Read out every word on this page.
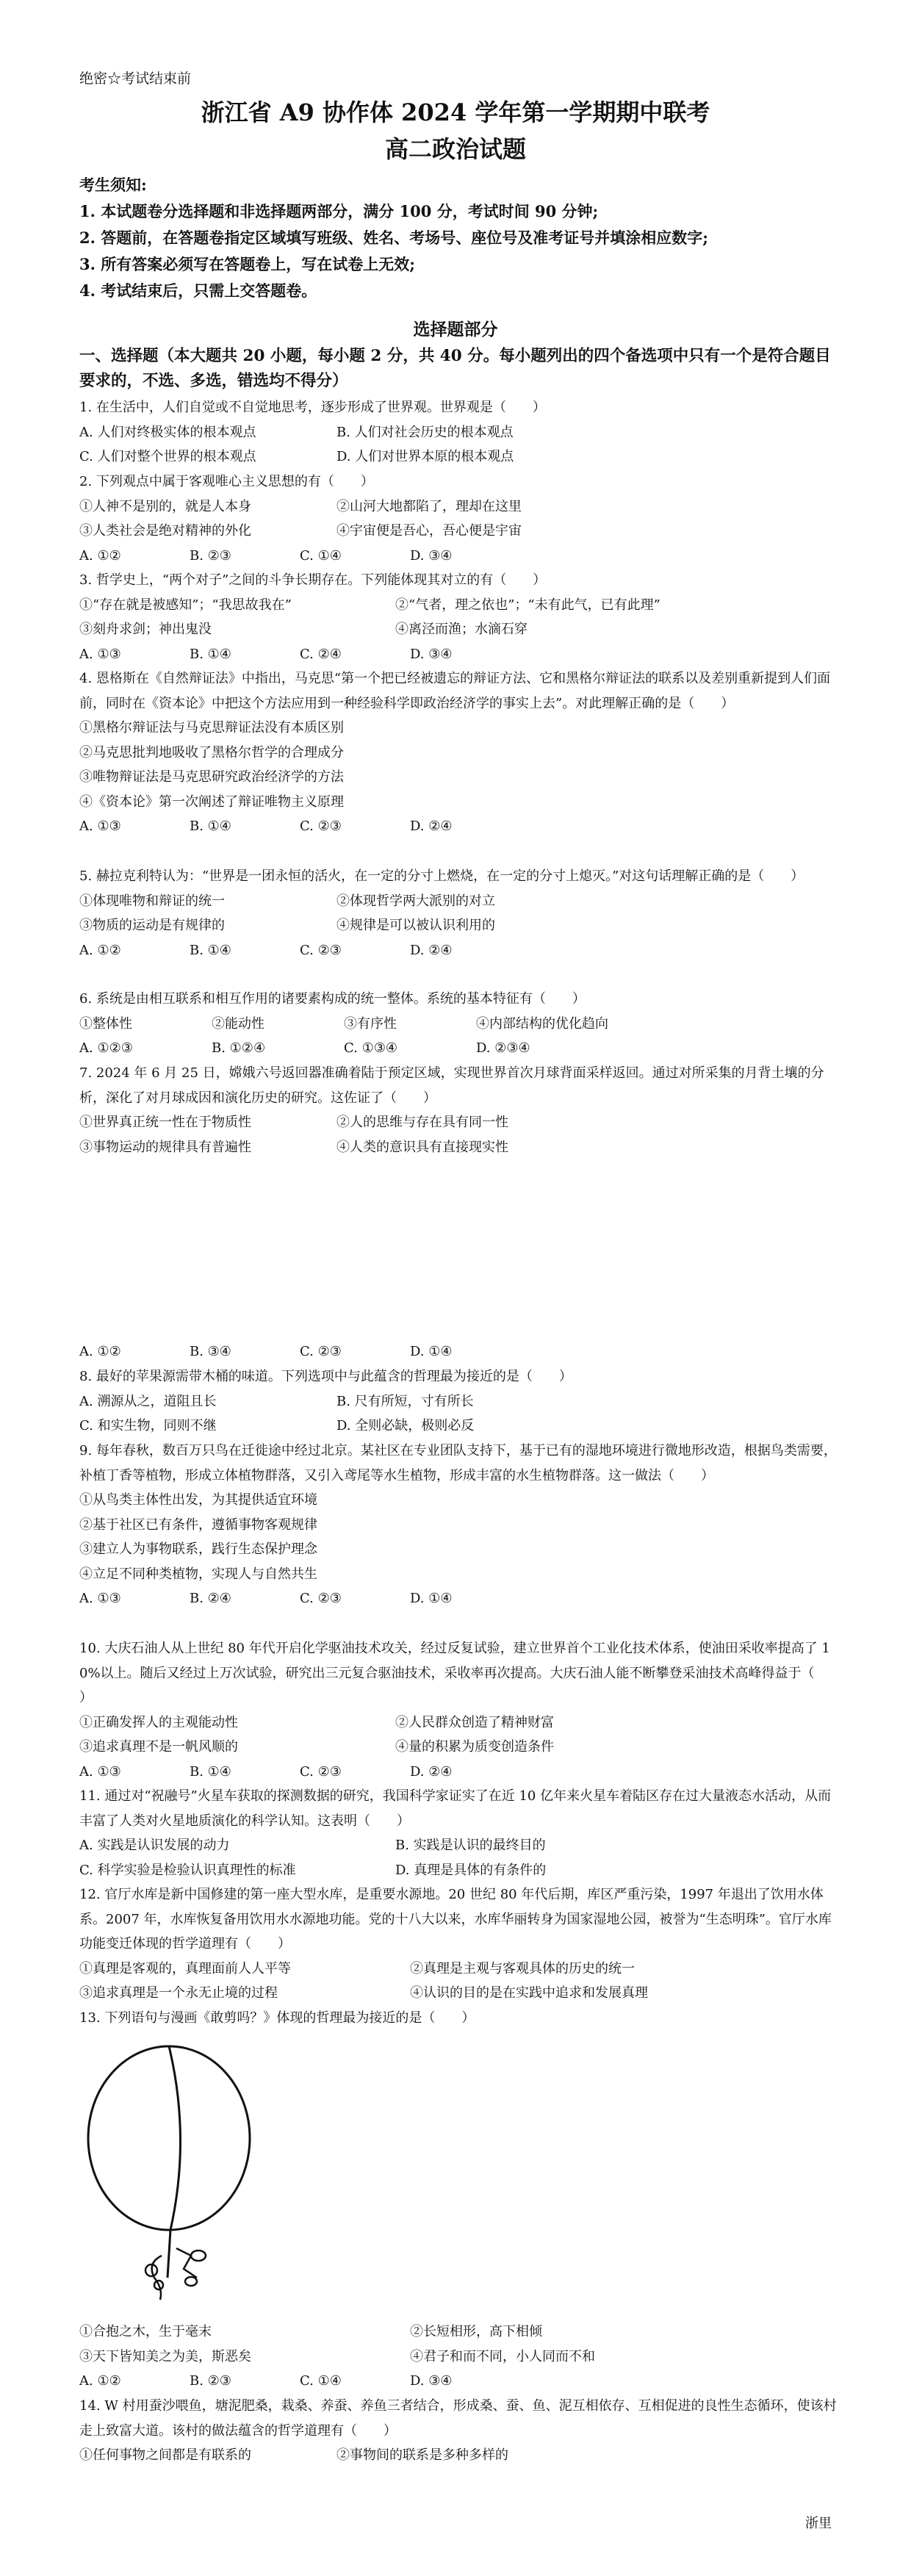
绝密☆考试结束前
浙江省 A9 协作体 2024 学年第一学期期中联考
高二政治试题
考生须知:
1. 本试题卷分选择题和非选择题两部分，满分 100 分，考试时间 90 分钟;
2. 答题前，在答题卷指定区域填写班级、姓名、考场号、座位号及准考证号并填涂相应数字;
3. 所有答案必须写在答题卷上，写在试卷上无效;
4. 考试结束后，只需上交答题卷。
选择题部分
一、选择题（本大题共 20 小题，每小题 2 分，共 40 分。每小题列出的四个备选项中只有一个是符合题目要求的，不选、多选，错选均不得分）
1. 在生活中，人们自觉或不自觉地思考，逐步形成了世界观。世界观是（　　）
A. 人们对终极实体的根本观点	B. 人们对社会历史的根本观点
C. 人们对整个世界的根本观点	D. 人们对世界本原的根本观点
2. 下列观点中属于客观唯心主义思想的有（　　）
①人神不是别的，就是人本身	②山河大地都陷了，理却在这里
③人类社会是绝对精神的外化	④宇宙便是吾心，吾心便是宇宙
A. ①②	B. ②③	C. ①④	D. ③④
3. 哲学史上，“两个对子”之间的斗争长期存在。下列能体现其对立的有（　　）
①“存在就是被感知”；“我思故我在”	②“气者，理之依也”；“未有此气，已有此理”
③刻舟求剑；神出鬼没	④离泾而渔；水滴石穿
A. ①③	B. ①④	C. ②④	D. ③④
4. 恩格斯在《自然辩证法》中指出，马克思“第一个把已经被遗忘的辩证方法、它和黑格尔辩证法的联系以及差别重新提到人们面前，同时在《资本论》中把这个方法应用到一种经验科学即政治经济学的事实上去”。对此理解正确的是（　　）
①黑格尔辩证法与马克思辩证法没有本质区别
②马克思批判地吸收了黑格尔哲学的合理成分
③唯物辩证法是马克思研究政治经济学的方法
④《资本论》第一次阐述了辩证唯物主义原理
A. ①③	B. ①④	C. ②③	D. ②④
5. 赫拉克利特认为：“世界是一团永恒的活火，在一定的分寸上燃烧，在一定的分寸上熄灭。”对这句话理解正确的是（　　）
①体现唯物和辩证的统一	②体现哲学两大派别的对立
③物质的运动是有规律的	④规律是可以被认识利用的
A. ①②	B. ①④	C. ②③	D. ②④
6. 系统是由相互联系和相互作用的诸要素构成的统一整体。系统的基本特征有（　　）
①整体性	②能动性	③有序性	④内部结构的优化趋向
A. ①②③	B. ①②④	C. ①③④	D. ②③④
7. 2024 年 6 月 25 日，嫦娥六号返回器准确着陆于预定区域，实现世界首次月球背面采样返回。通过对所采集的月背土壤的分析，深化了对月球成因和演化历史的研究。这佐证了（　　）
①世界真正统一性在于物质性	②人的思维与存在具有同一性
③事物运动的规律具有普遍性	④人类的意识具有直接现实性
A. ①②	B. ③④	C. ②③	D. ①④
8. 最好的苹果源需带木桶的味道。下列选项中与此蕴含的哲理最为接近的是（　　）
A. 溯源从之，道阻且长	B. 尺有所短，寸有所长
C. 和实生物，同则不继	D. 全则必缺，极则必反
9. 每年春秋，数百万只鸟在迁徙途中经过北京。某社区在专业团队支持下，基于已有的湿地环境进行微地形改造，根据鸟类需要，补植丁香等植物，形成立体植物群落，又引入鸢尾等水生植物，形成丰富的水生植物群落。这一做法（　　）
①从鸟类主体性出发，为其提供适宜环境
②基于社区已有条件，遵循事物客观规律
③建立人为事物联系，践行生态保护理念
④立足不同种类植物，实现人与自然共生
A. ①③	B. ②④	C. ②③	D. ①④
10. 大庆石油人从上世纪 80 年代开启化学驱油技术攻关，经过反复试验，建立世界首个工业化技术体系，使油田采收率提高了 10%以上。随后又经过上万次试验，研究出三元复合驱油技术，采收率再次提高。大庆石油人能不断攀登采油技术高峰得益于（　　）
①正确发挥人的主观能动性	②人民群众创造了精神财富
③追求真理不是一帆风顺的	④量的积累为质变创造条件
A. ①③	B. ①④	C. ②③	D. ②④
11. 通过对“祝融号”火星车获取的探测数据的研究，我国科学家证实了在近 10 亿年来火星车着陆区存在过大量液态水活动，从而丰富了人类对火星地质演化的科学认知。这表明（　　）
A. 实践是认识发展的动力	B. 实践是认识的最终目的
C. 科学实验是检验认识真理性的标准	D. 真理是具体的有条件的
12. 官厅水库是新中国修建的第一座大型水库，是重要水源地。20 世纪 80 年代后期，库区严重污染，1997 年退出了饮用水体系。2007 年，水库恢复备用饮用水水源地功能。党的十八大以来，水库华丽转身为国家湿地公园，被誉为“生态明珠”。官厅水库功能变迁体现的哲学道理有（　　）
①真理是客观的，真理面前人人平等	②真理是主观与客观具体的历史的统一
③追求真理是一个永无止境的过程	④认识的目的是在实践中追求和发展真理
13. 下列语句与漫画《敢剪吗？》体现的哲理最为接近的是（　　）
①合抱之木，生于毫末	②长短相形，高下相倾
③天下皆知美之为美，斯恶矣	④君子和而不同，小人同而不和
A. ①②	B. ②③	C. ①④	D. ③④
14. W 村用蚕沙喂鱼，塘泥肥桑，栽桑、养蚕、养鱼三者结合，形成桑、蚕、鱼、泥互相依存、互相促进的良性生态循环，使该村走上致富大道。该村的做法蕴含的哲学道理有（　　）
①任何事物之间都是有联系的	②事物间的联系是多种多样的
浙里
